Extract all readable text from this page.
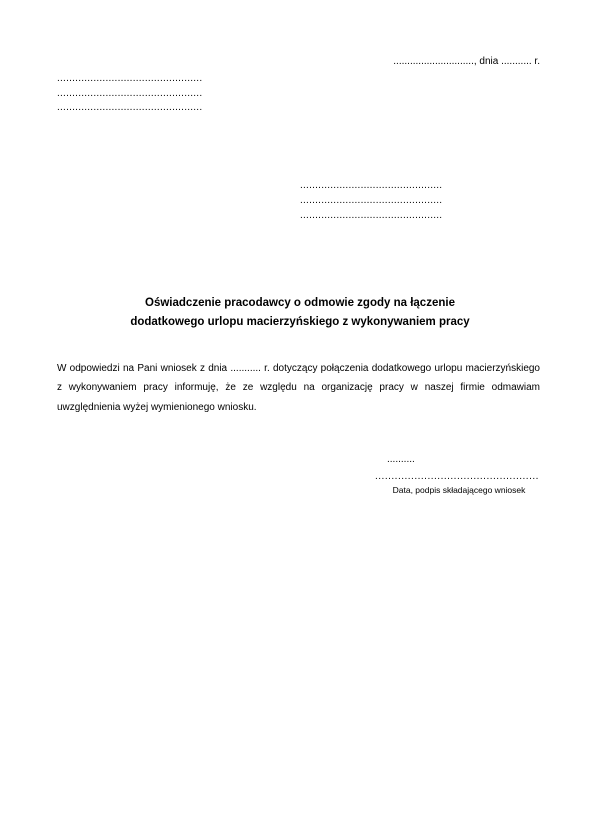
............................., dnia ........... r.
................................................
................................................
................................................
...............................................
...............................................
...............................................
Oświadczenie pracodawcy o odmowie zgody na łączenie
dodatkowego urlopu macierzyńskiego z wykonywaniem pracy
W odpowiedzi na Pani wniosek z dnia ........... r. dotyczący połączenia dodatkowego urlopu macierzyńskiego z wykonywaniem pracy informuję, że ze względu na organizację pracy w naszej firmie odmawiam uwzględnienia wyżej wymienionego wniosku.
..........
..................................................
Data, podpis składającego wniosek
